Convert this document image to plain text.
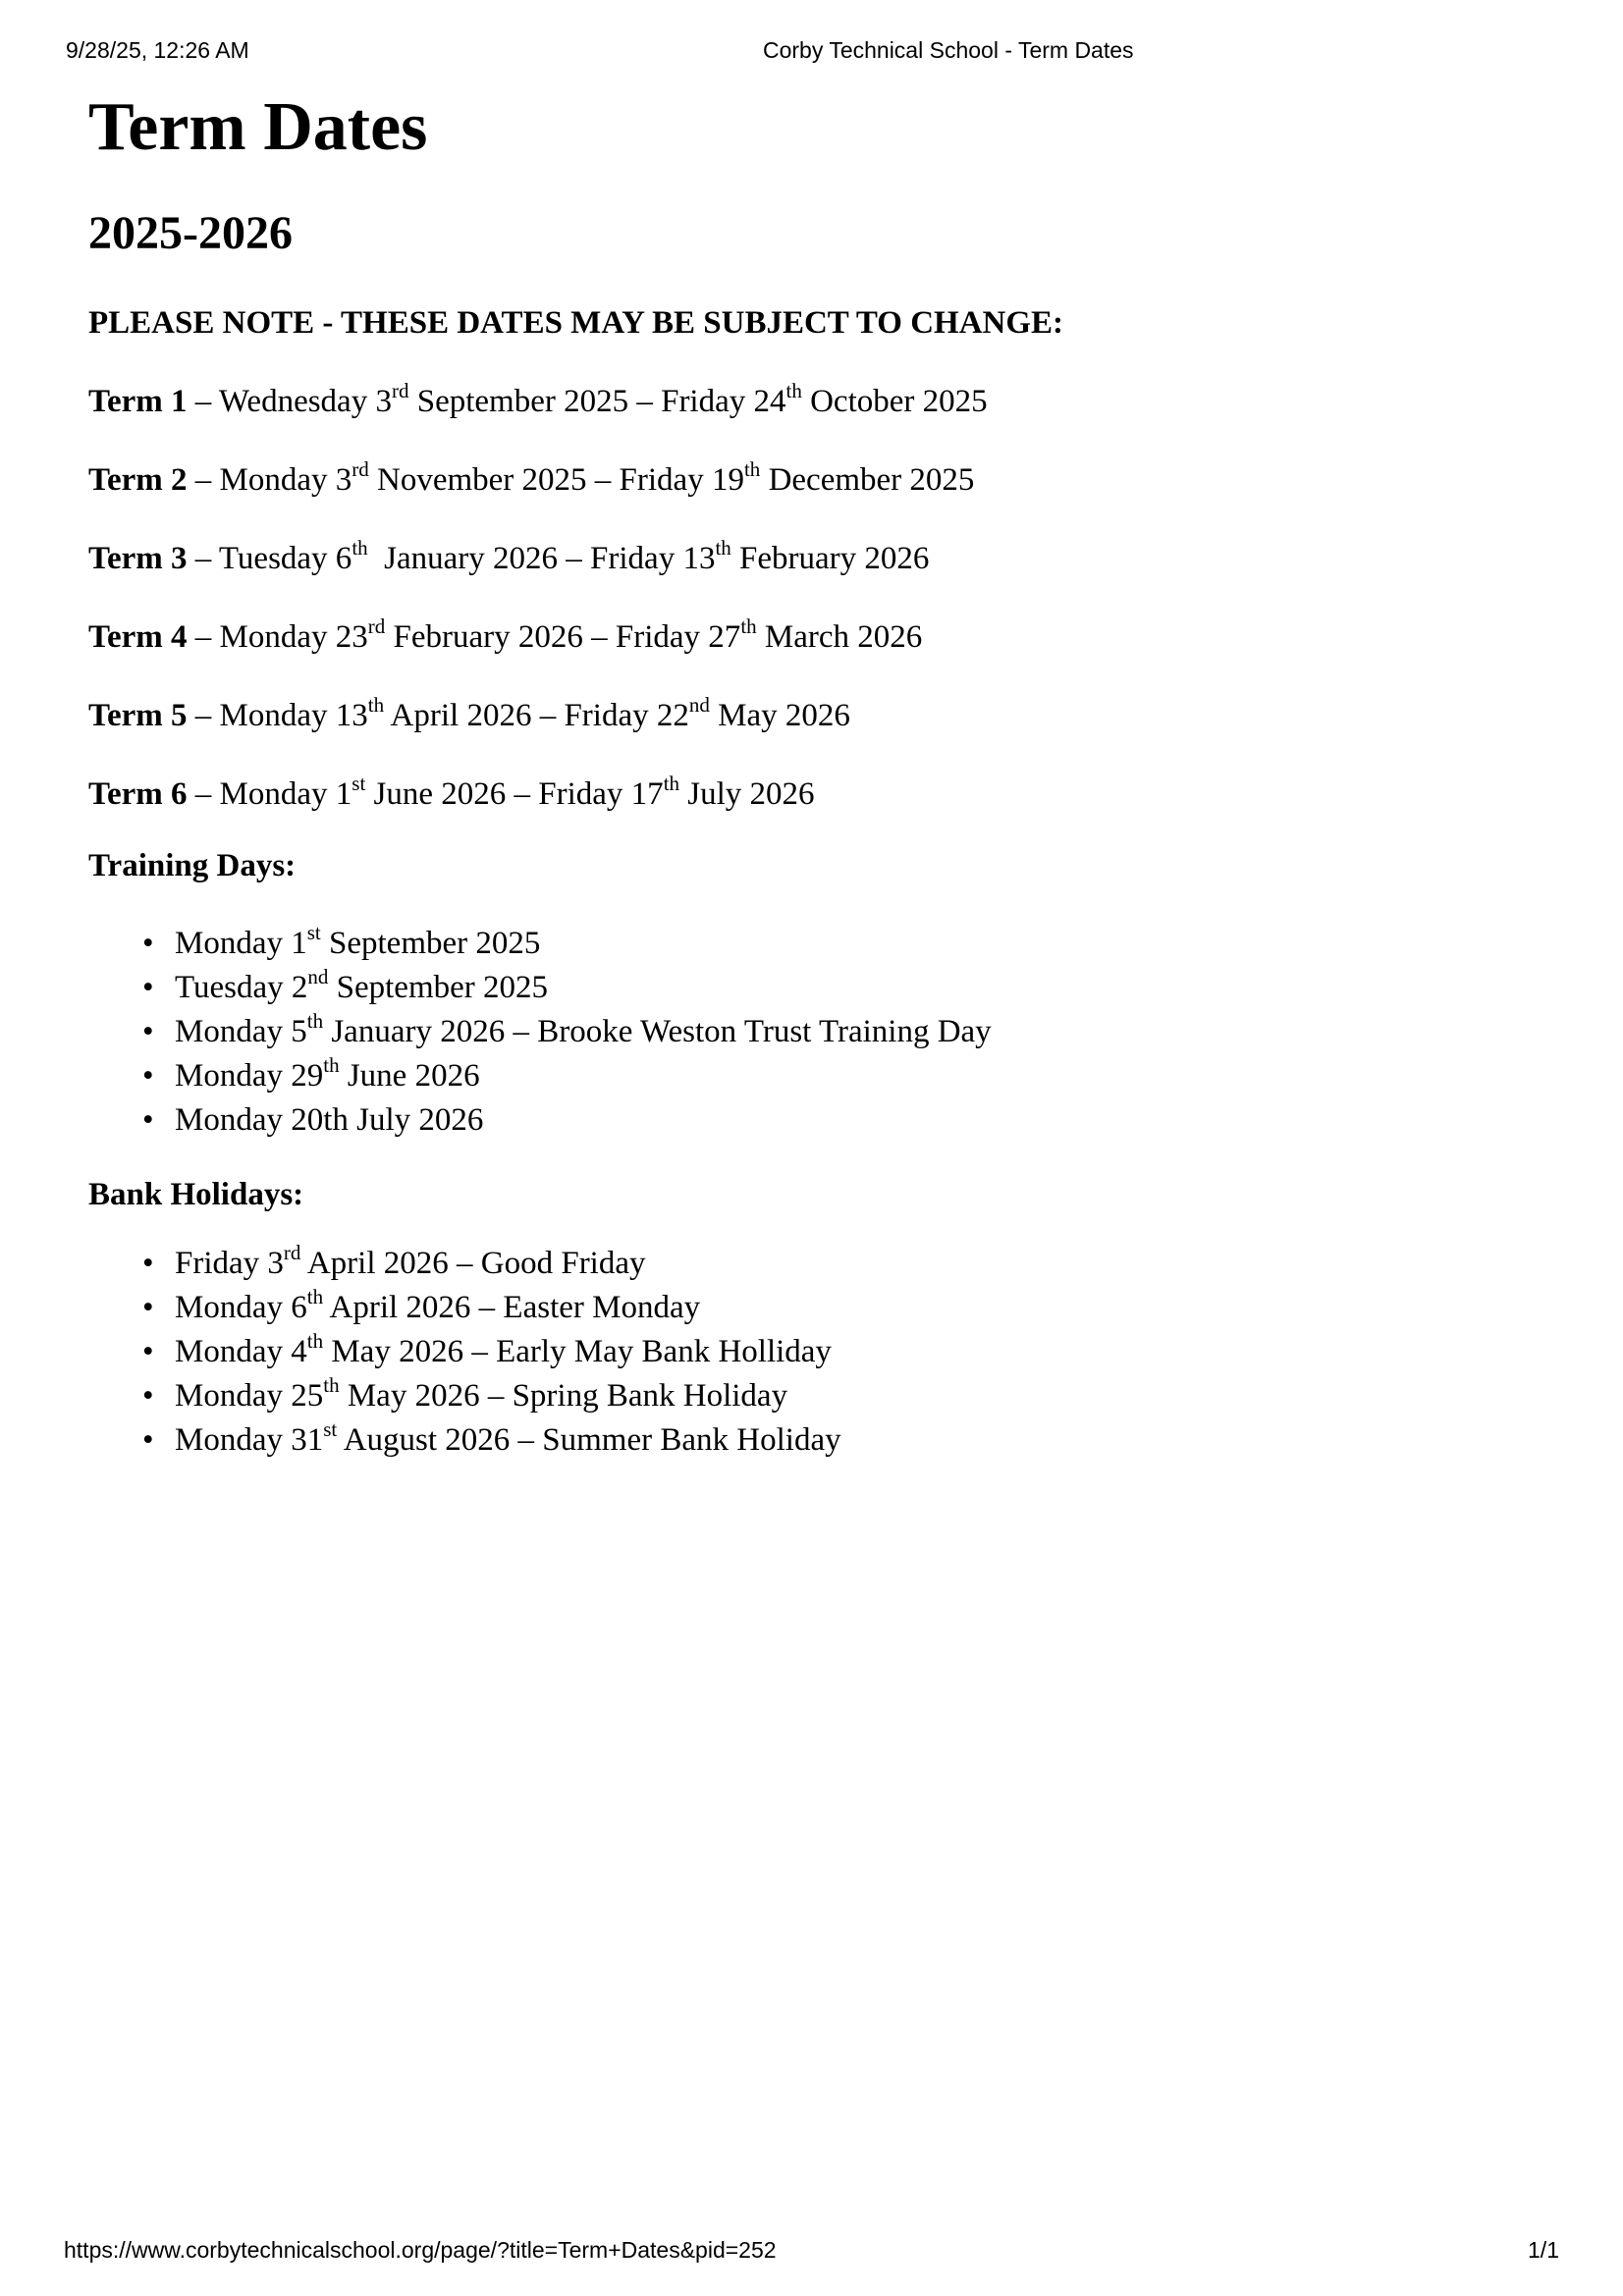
9/28/25, 12:26 AM	Corby Technical School - Term Dates
Term Dates
2025-2026

PLEASE NOTE - THESE DATES MAY BE SUBJECT TO CHANGE:

Term 1 – Wednesday 3rd September 2025 – Friday 24th October 2025

Term 2 – Monday 3rd November 2025 – Friday 19th December 2025

Term 3 – Tuesday 6th  January 2026 – Friday 13th February 2026

Term 4 – Monday 23rd February 2026 – Friday 27th March 2026

Term 5 – Monday 13th April 2026 – Friday 22nd May 2026

Term 6 – Monday 1st June 2026 – Friday 17th July 2026

Training Days:
• Monday 1st September 2025
• Tuesday 2nd September 2025
• Monday 5th January 2026 – Brooke Weston Trust Training Day
• Monday 29th June 2026
• Monday 20th July 2026
Bank Holidays:
• Friday 3rd April 2026 – Good Friday
• Monday 6th April 2026 – Easter Monday
• Monday 4th May 2026 – Early May Bank Holliday
• Monday 25th May 2026 – Spring Bank Holiday
• Monday 31st August 2026 – Summer Bank Holiday
https://www.corbytechnicalschool.org/page/?title=Term+Dates&pid=252	1/1
